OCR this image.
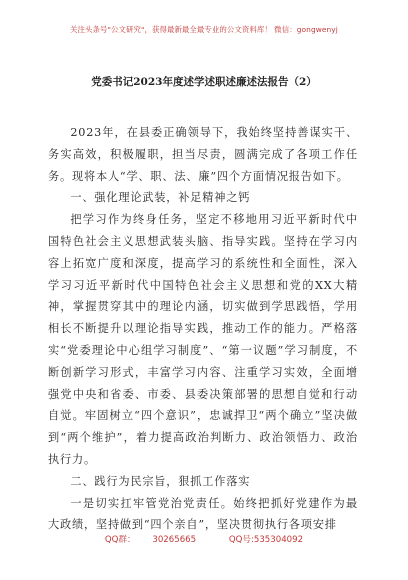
关注头条号"公文研究"，获得最新最全最专业的公文资料库！ 微信：gongwenyj
党委书记2023年度述学述职述廉述法报告（2）

2023年，在县委正确领导下，我始终坚持善谋实干、务实高效，积极履职，担当尽责，圆满完成了各项工作任务。现将本人“学、职、法、廉”四个方面情况报告如下。

一、强化理论武装，补足精神之钙

把学习作为终身任务，坚定不移地用习近平新时代中国特色社会主义思想武装头脑、指导实践。坚持在学习内容上拓宽广度和深度，提高学习的系统性和全面性，深入学习习近平新时代中国特色社会主义思想和党的XX大精神，掌握贯穿其中的理论内涵，切实做到学思践悟，学用相长不断提升以理论指导实践，推动工作的能力。严格落实“党委理论中心组学习制度”、“第一议题”学习制度，不断创新学习形式，丰富学习内容、注重学习实效，全面增强党中央和省委、市委、县委决策部署的思想自觉和行动自觉。牢固树立“四个意识”，忠诚捍卫“两个确立”坚决做到“两个维护”，着力提高政治判断力、政治领悟力、政治执行力。

二、践行为民宗旨，狠抓工作落实

一是切实扛牢管党治党责任。始终把抓好党建作为最大政绩，坚持做到“四个亲自”，坚决贯彻执行各项安排

QQ群： 30265665	QQ号:535304092
